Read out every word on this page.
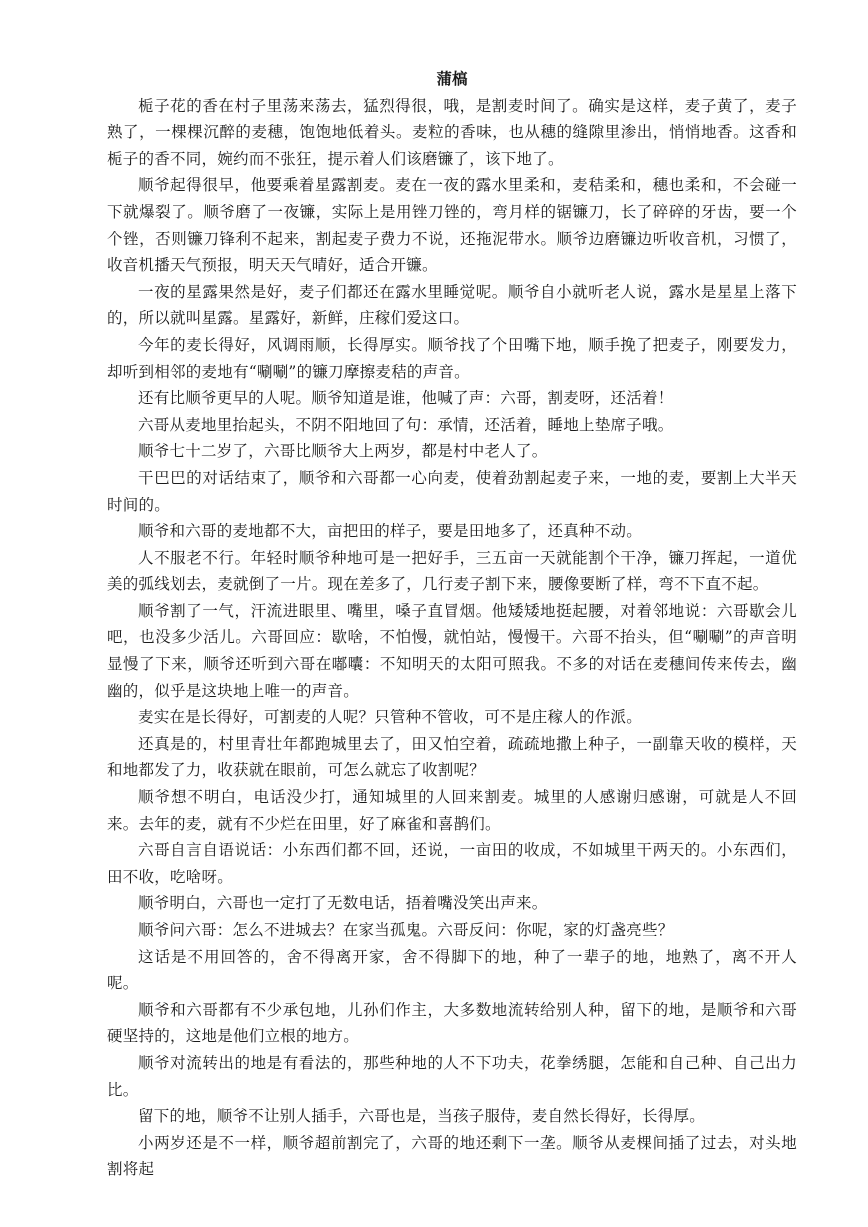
蒲槁

栀子花的香在村子里荡来荡去，猛烈得很，哦，是割麦时间了。确实是这样，麦子黄了，麦子熟了，一棵棵沉醉的麦穗，饱饱地低着头。麦粒的香味，也从穗的缝隙里渗出，悄悄地香。这香和栀子的香不同，婉约而不张狂，提示着人们该磨镰了，该下地了。

顺爷起得很早，他要乘着星露割麦。麦在一夜的露水里柔和，麦秸柔和，穗也柔和，不会碰一下就爆裂了。顺爷磨了一夜镰，实际上是用锉刀锉的，弯月样的锯镰刀，长了碎碎的牙齿，要一个个锉，否则镰刀锋利不起来，割起麦子费力不说，还拖泥带水。顺爷边磨镰边听收音机，习惯了，收音机播天气预报，明天天气晴好，适合开镰。

一夜的星露果然是好，麦子们都还在露水里睡觉呢。顺爷自小就听老人说，露水是星星上落下的，所以就叫星露。星露好，新鲜，庄稼们爱这口。

今年的麦长得好，风调雨顺，长得厚实。顺爷找了个田嘴下地，顺手挽了把麦子，刚要发力，却听到相邻的麦地有“唰唰”的镰刀摩擦麦秸的声音。

还有比顺爷更早的人呢。顺爷知道是谁，他喊了声：六哥，割麦呀，还活着！

六哥从麦地里抬起头，不阴不阳地回了句：承情，还活着，睡地上垫席子哦。

顺爷七十二岁了，六哥比顺爷大上两岁，都是村中老人了。

干巴巴的对话结束了，顺爷和六哥都一心向麦，使着劲割起麦子来，一地的麦，要割上大半天时间的。

顺爷和六哥的麦地都不大，亩把田的样子，要是田地多了，还真种不动。

人不服老不行。年轻时顺爷种地可是一把好手，三五亩一天就能割个干净，镰刀挥起，一道优美的弧线划去，麦就倒了一片。现在差多了，几行麦子割下来，腰像要断了样，弯不下直不起。

顺爷割了一气，汗流进眼里、嘴里，嗓子直冒烟。他矮矮地挺起腰，对着邻地说：六哥歇会儿吧，也没多少活儿。六哥回应：歇啥，不怕慢，就怕站，慢慢干。六哥不抬头，但“唰唰”的声音明显慢了下来，顺爷还听到六哥在嘟囔：不知明天的太阳可照我。不多的对话在麦穗间传来传去，幽幽的，似乎是这块地上唯一的声音。

麦实在是长得好，可割麦的人呢？只管种不管收，可不是庄稼人的作派。

还真是的，村里青壮年都跑城里去了，田又怕空着，疏疏地撒上种子，一副靠天收的模样，天和地都发了力，收获就在眼前，可怎么就忘了收割呢？

顺爷想不明白，电话没少打，通知城里的人回来割麦。城里的人感谢归感谢，可就是人不回来。去年的麦，就有不少烂在田里，好了麻雀和喜鹊们。

六哥自言自语说话：小东西们都不回，还说，一亩田的收成，不如城里干两天的。小东西们，田不收，吃啥呀。

顺爷明白，六哥也一定打了无数电话，捂着嘴没笑出声来。

顺爷问六哥：怎么不进城去？在家当孤鬼。六哥反问：你呢，家的灯盏亮些？

这话是不用回答的，舍不得离开家，舍不得脚下的地，种了一辈子的地，地熟了，离不开人呢。

顺爷和六哥都有不少承包地，儿孙们作主，大多数地流转给别人种，留下的地，是顺爷和六哥硬坚持的，这地是他们立根的地方。

顺爷对流转出的地是有看法的，那些种地的人不下功夫，花拳绣腿，怎能和自己种、自己出力比。

留下的地，顺爷不让别人插手，六哥也是，当孩子服侍，麦自然长得好，长得厚。

小两岁还是不一样，顺爷超前割完了，六哥的地还剩下一垄。顺爷从麦棵间插了过去，对头地割将起
